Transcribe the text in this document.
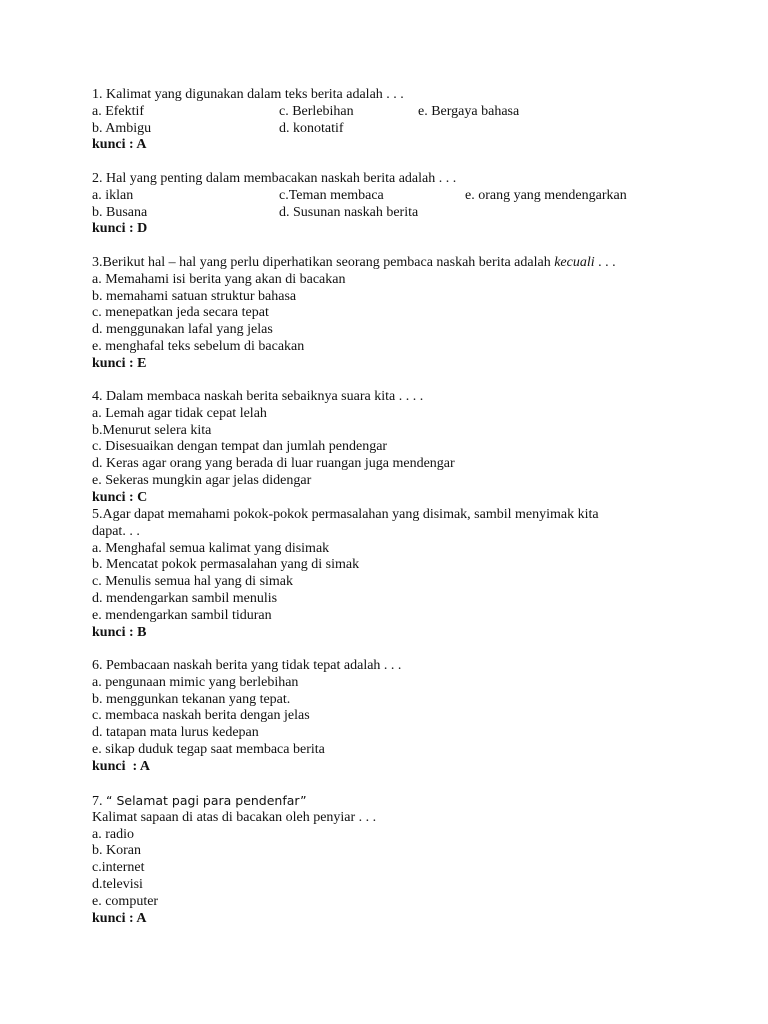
1. Kalimat yang digunakan dalam teks berita adalah . . .
a. Efektif	c. Berlebihan	e. Bergaya bahasa
b. Ambigu	d. konotatif
kunci : A
2. Hal yang penting dalam membacakan naskah berita adalah . . .
a. iklan	c.Teman membaca	e. orang yang mendengarkan
b. Busana	d. Susunan naskah berita
kunci : D
3.Berikut hal – hal yang perlu diperhatikan seorang pembaca naskah berita adalah kecuali . . .
a. Memahami isi berita yang akan di bacakan
b. memahami satuan struktur bahasa
c. menepatkan jeda secara tepat
d. menggunakan lafal yang jelas
e. menghafal teks sebelum di bacakan
kunci : E
4. Dalam membaca naskah berita sebaiknya suara kita . . . .
a. Lemah agar tidak cepat lelah
b.Menurut selera kita
c. Disesuaikan dengan tempat dan jumlah pendengar
d. Keras agar orang yang berada di luar ruangan juga mendengar
e. Sekeras mungkin agar jelas didengar
kunci : C
5.Agar dapat memahami pokok-pokok permasalahan yang disimak, sambil menyimak kita
dapat. . .
a. Menghafal semua kalimat yang disimak
b. Mencatat pokok permasalahan yang di simak
c. Menulis semua hal yang di simak
d. mendengarkan sambil menulis
e. mendengarkan sambil tiduran
kunci : B
6. Pembacaan naskah berita yang tidak tepat adalah . . .
a. pengunaan mimic yang berlebihan
b. menggunkan tekanan yang tepat.
c. membaca naskah berita dengan jelas
d. tatapan mata lurus kedepan
e. sikap duduk tegap saat membaca berita
kunci  : A
7. “ Selamat pagi para pendenfar”
Kalimat sapaan di atas di bacakan oleh penyiar . . .
a. radio
b. Koran
c.internet
d.televisi
e. computer
kunci : A
